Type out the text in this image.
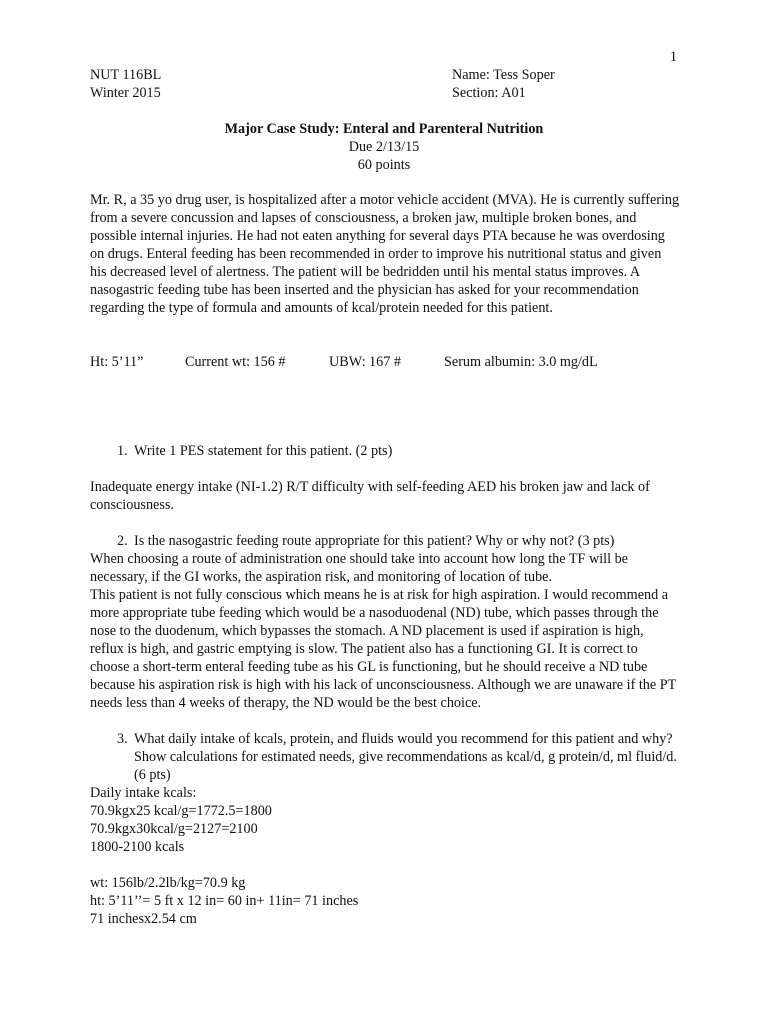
1
NUT 116BL	Name: Tess Soper
Winter 2015	Section: A01
Major Case Study: Enteral and Parenteral Nutrition
Due 2/13/15
60 points

Mr. R, a 35 yo drug user, is hospitalized after a motor vehicle accident (MVA). He is currently suffering from a severe concussion and lapses of consciousness, a broken jaw, multiple broken bones, and possible internal injuries. He had not eaten anything for several days PTA because he was overdosing on drugs. Enteral feeding has been recommended in order to improve his nutritional status and given his decreased level of alertness. The patient will be bedridden until his mental status improves. A nasogastric feeding tube has been inserted and the physician has asked for your recommendation regarding the type of formula and amounts of kcal/protein needed for this patient.

Ht: 5’11”	Current wt: 156 #	UBW: 167 #	Serum albumin: 3.0 mg/dL

1. Write 1 PES statement for this patient. (2 pts)

Inadequate energy intake (NI-1.2) R/T difficulty with self-feeding AED his broken jaw and lack of consciousness.

2. Is the nasogastric feeding route appropriate for this patient? Why or why not? (3 pts)

When choosing a route of administration one should take into account how long the TF will be necessary, if the GI works, the aspiration risk, and monitoring of location of tube.

This patient is not fully conscious which means he is at risk for high aspiration. I would recommend a more appropriate tube feeding which would be a nasoduodenal (ND) tube, which passes through the nose to the duodenum, which bypasses the stomach. A ND placement is used if aspiration is high, reflux is high, and gastric emptying is slow. The patient also has a functioning GI. It is correct to choose a short-term enteral feeding tube as his GL is functioning, but he should receive a ND tube because his aspiration risk is high with his lack of unconsciousness. Although we are unaware if the PT needs less than 4 weeks of therapy, the ND would be the best choice.

3. What daily intake of kcals, protein, and fluids would you recommend for this patient and why? Show calculations for estimated needs, give recommendations as kcal/d, g protein/d, ml fluid/d. (6 pts)

Daily intake kcals:

70.9kgx25 kcal/g=1772.5=1800

70.9kgx30kcal/g=2127=2100

1800-2100 kcals

wt: 156lb/2.2lb/kg=70.9 kg

ht: 5’11’’= 5 ft x 12 in= 60 in+ 11in= 71 inches

71 inchesx2.54 cm
